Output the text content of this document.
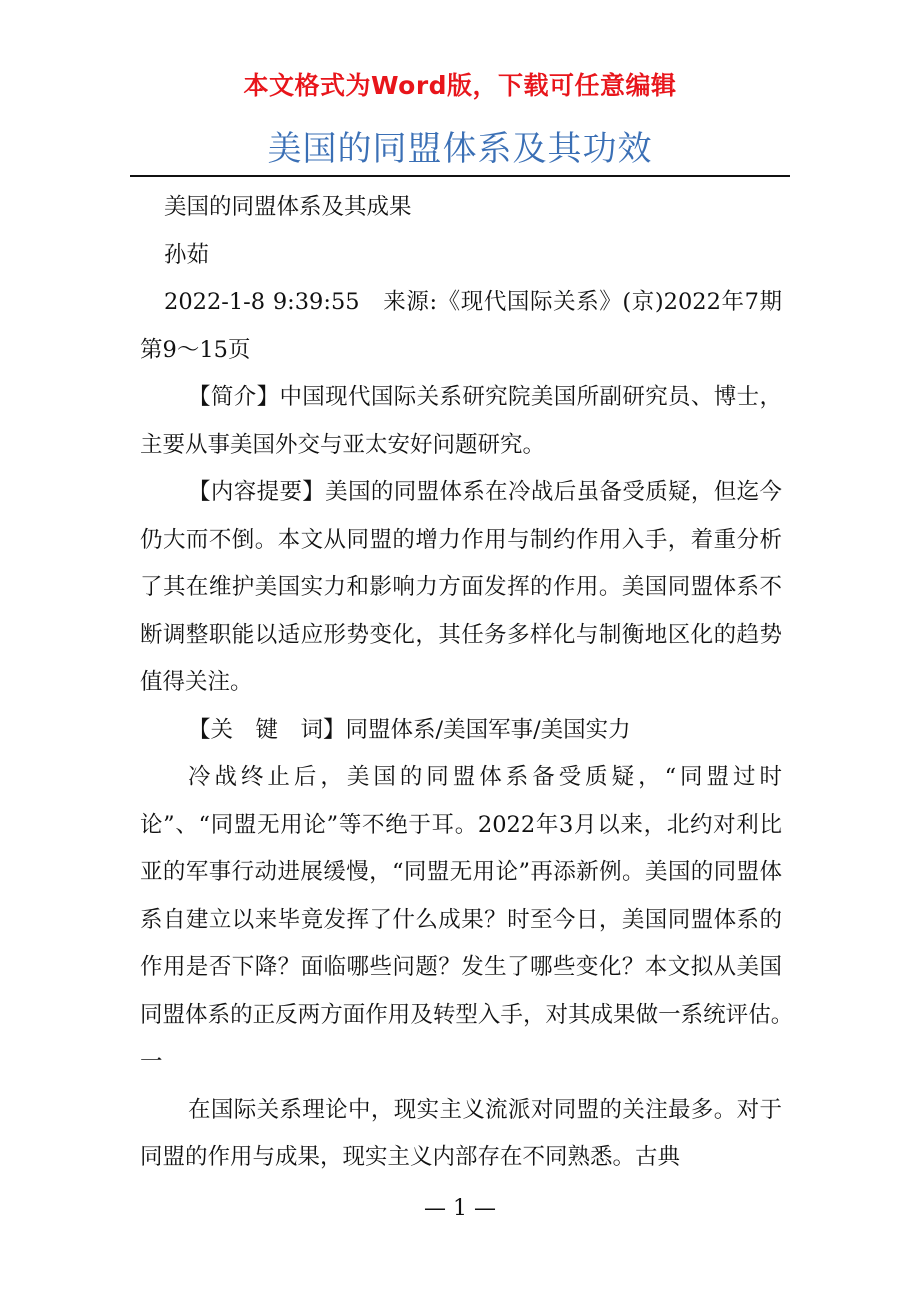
本文格式为Word版，下载可任意编辑
美国的同盟体系及其功效

美国的同盟体系及其成果

孙茹

2022-1-8 9:39:55　来源:《现代国际关系》(京)2022年7期第9～15页

【简介】中国现代国际关系研究院美国所副研究员、博士，主要从事美国外交与亚太安好问题研究。

【内容提要】美国的同盟体系在冷战后虽备受质疑，但迄今仍大而不倒。本文从同盟的增力作用与制约作用入手，着重分析了其在维护美国实力和影响力方面发挥的作用。美国同盟体系不断调整职能以适应形势变化，其任务多样化与制衡地区化的趋势值得关注。

【关　键　词】同盟体系/美国军事/美国实力

冷战终止后，美国的同盟体系备受质疑，“同盟过时论”、“同盟无用论”等不绝于耳。2022年3月以来，北约对利比亚的军事行动进展缓慢，“同盟无用论”再添新例。美国的同盟体系自建立以来毕竟发挥了什么成果？时至今日，美国同盟体系的作用是否下降？面临哪些问题？发生了哪些变化？本文拟从美国同盟体系的正反两方面作用及转型入手，对其成果做一系统评估。　　一

在国际关系理论中，现实主义流派对同盟的关注最多。对于同盟的作用与成果，现实主义内部存在不同熟悉。古典

— 1 —
